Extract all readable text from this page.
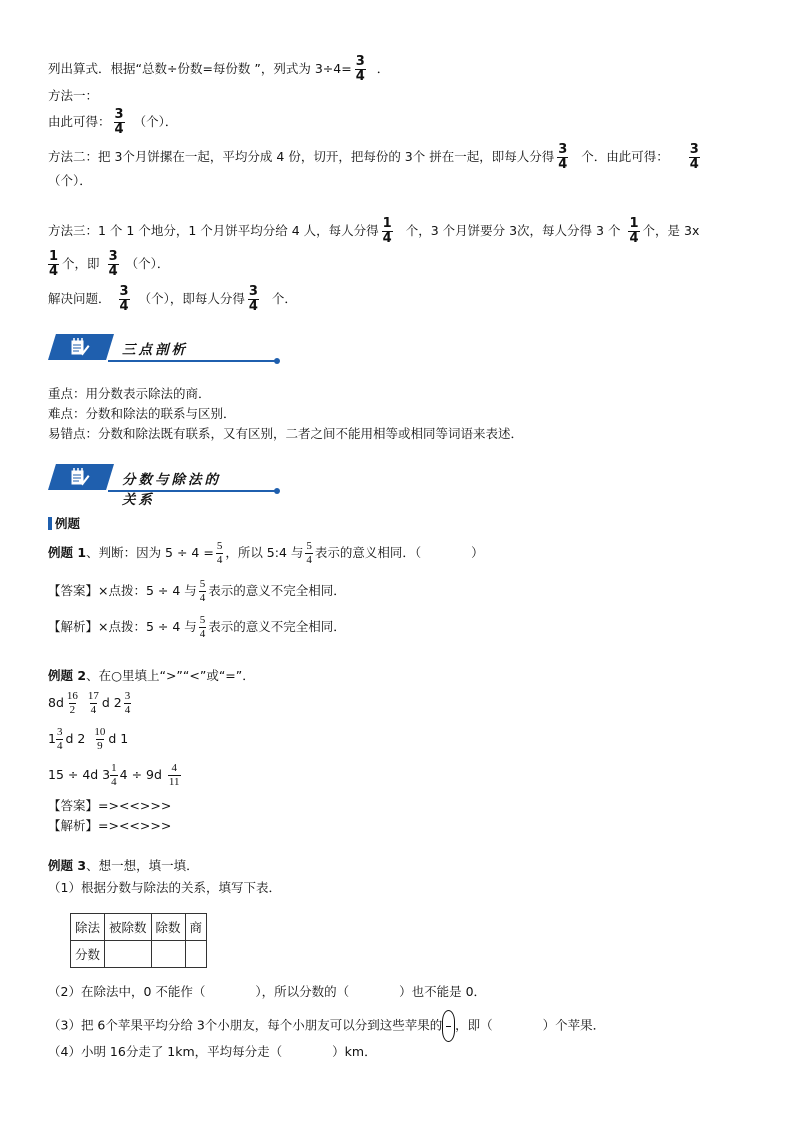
列出算式．根据“总数÷份数=每份数 ”，列式为 $3\div 4= \frac{3}{4}$ ．
方法一：
由此可得： $\frac{3}{4}$ （个）．
方法二：把 3个月饼摞在一起，平均分成 4 份，切开，把每份的 3个 拼在一起，即每人分得 $\frac{3}{4}$ 个．由此可得： $\frac{3}{4}$
（个）．
方法三：1 个 1 个地分，1 个月饼平均分给 4 人，每人分得 $\frac{1}{4}$ 个，3 个月饼要分 3次，每人分得 3 个 $\frac{1}{4}$ 个，是 3x
$\frac{1}{4}$ 个，即 $\frac{3}{4}$ （个）．
解决问题． $\frac{3}{4}$ （个），即每人分得 $\frac{3}{4}$ 个．
三点剖析
重点：用分数表示除法的商．
难点：分数和除法的联系与区别．
易错点：分数和除法既有联系，又有区别，二者之间不能用相等或相同等词语来表述．
分数与除法的关系
例题
例题 1、判断：因为 $5 \div 4 = \frac{5}{4}$ ，所以 5:4 与 $\frac{5}{4}$ 表示的意义相同．（　　　　）
【答案】×点拨：5 ÷ 4 与 $\frac{5}{4}$ 表示的意义不完全相同．
【解析】×点拨：5 ÷ 4 与 $\frac{5}{4}$ 表示的意义不完全相同．
例题 2、在○里填上“>”“<”或“=”．
$8d \frac{16}{2} \frac{17}{4}$ d $2 \frac{3}{4}$
$1 \frac{3}{4}$ d $2 \frac{10}{9}$ d 1
15 ÷ 4d $3 \frac{1}{4} 4 \div 9d \frac{4}{11}$
【答案】=><<>>>
【解析】=><<>>>
例题 3、想一想，填一填．
（1）根据分数与除法的关系，填写下表．
除法	被除数	除数	商
分数			
（2）在除法中，0 不能作（　　　　），所以分数的（　　　　）也不能是 0．
（3）把 6个苹果平均分给 3个小朋友，每个小朋友可以分到这些苹果的

，即（　　　　）个苹果．
（4）小明 16分走了 1km，平均每分走（　　　　）km．
